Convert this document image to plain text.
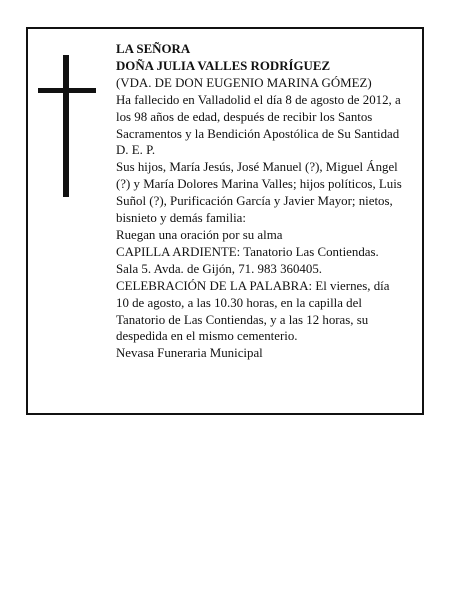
LA SEÑORA
DOÑA JULIA VALLES RODRÍGUEZ
(VDA. DE DON EUGENIO MARINA GÓMEZ)
Ha fallecido en Valladolid el día 8 de agosto de 2012, a
los 98 años de edad, después de recibir los Santos
Sacramentos y la Bendición Apostólica de Su Santidad
D. E. P.
Sus hijos, María Jesús, José Manuel (?), Miguel Ángel
(?) y María Dolores Marina Valles; hijos políticos, Luis
Suñol (?), Purificación García y Javier Mayor; nietos,
bisnieto y demás familia:
Ruegan una oración por su alma
CAPILLA ARDIENTE: Tanatorio Las Contiendas.
Sala 5. Avda. de Gijón, 71. 983 360405.
CELEBRACIÓN DE LA PALABRA: El viernes, día
10 de agosto, a las 10.30 horas, en la capilla del
Tanatorio de Las Contiendas, y a las 12 horas, su
despedida en el mismo cementerio.
Nevasa Funeraria Municipal
